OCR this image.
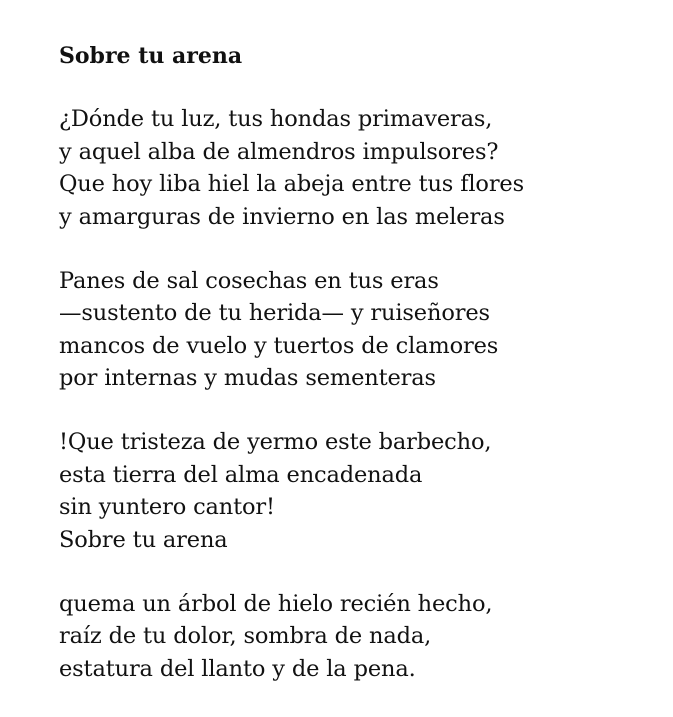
Sobre tu arena
¿Dónde tu luz, tus hondas primaveras,
y aquel alba de almendros impulsores?
Que hoy liba hiel la abeja entre tus flores
y amarguras de invierno en las meleras
Panes de sal cosechas en tus eras
—sustento de tu herida— y ruiseñores
mancos de vuelo y tuertos de clamores
por internas y mudas sementeras
!Que tristeza de yermo este barbecho,
esta tierra del alma encadenada
sin yuntero cantor!
Sobre tu arena
quema un árbol de hielo recién hecho,
raíz de tu dolor, sombra de nada,
estatura del llanto y de la pena.
